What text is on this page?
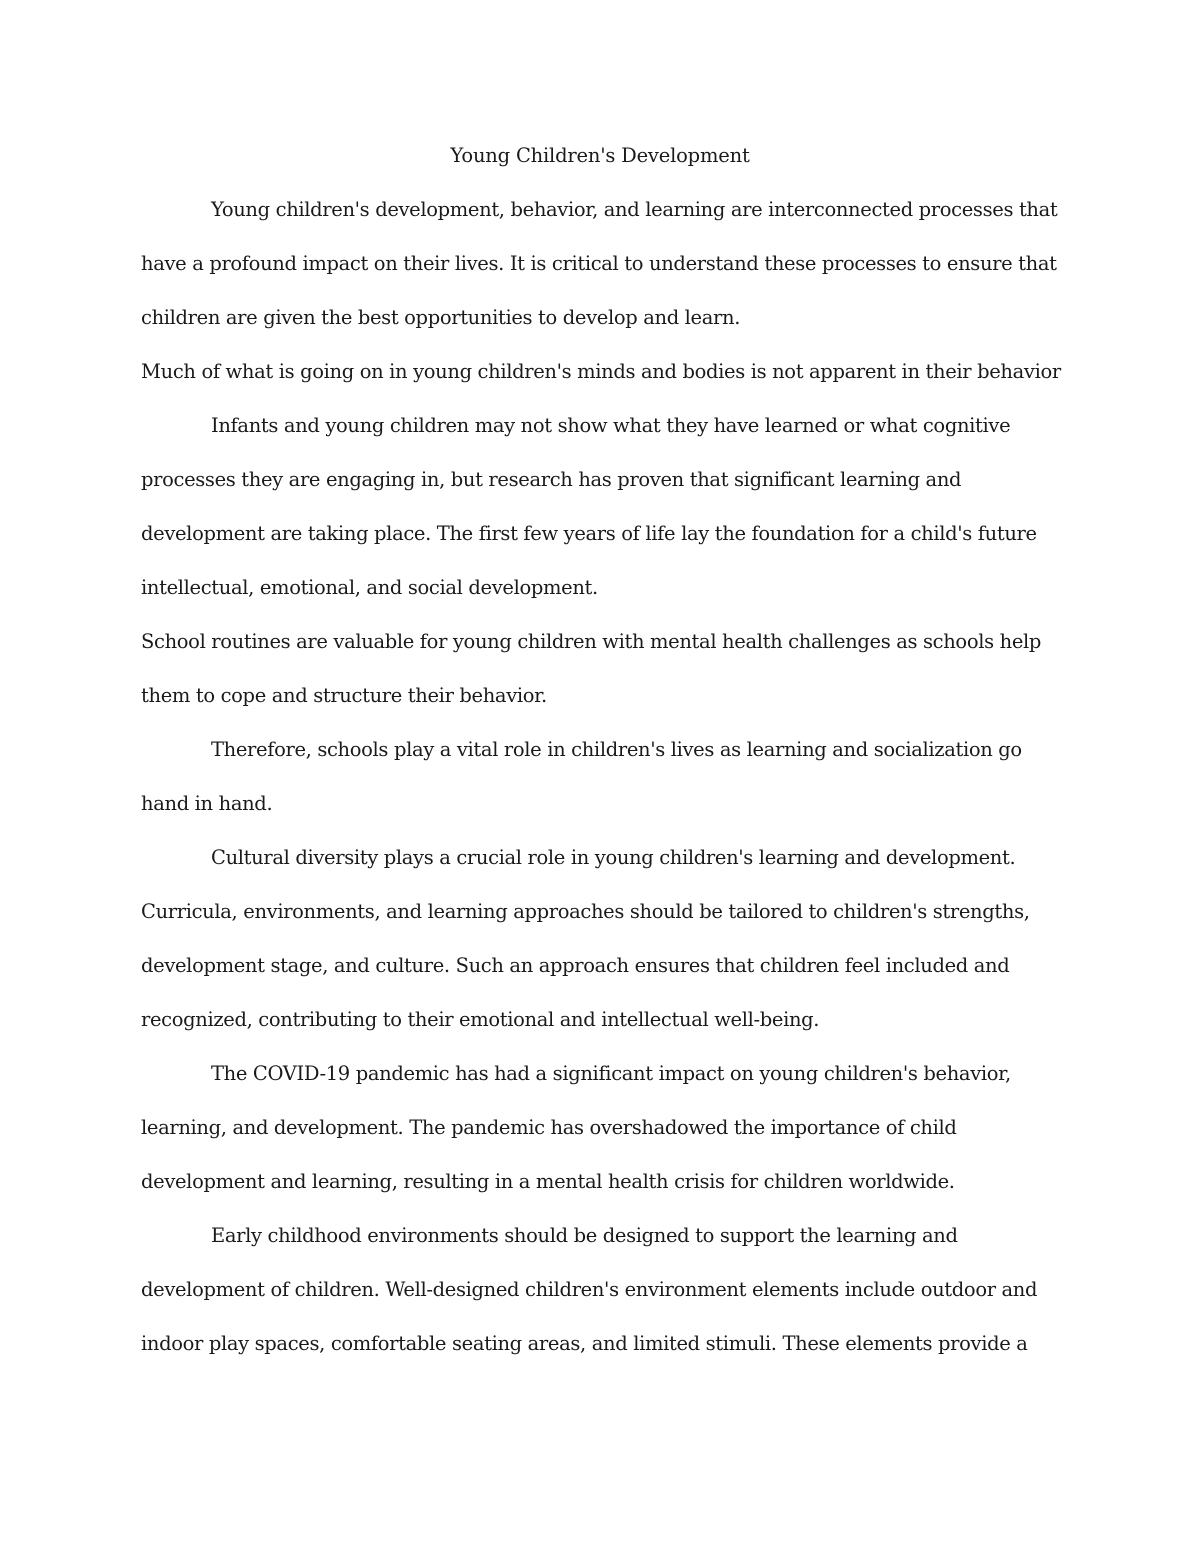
Young Children's Development
Young children's development, behavior, and learning are interconnected processes that
have a profound impact on their lives. It is critical to understand these processes to ensure that
children are given the best opportunities to develop and learn.
Much of what is going on in young children's minds and bodies is not apparent in their behavior
Infants and young children may not show what they have learned or what cognitive
processes they are engaging in, but research has proven that significant learning and
development are taking place. The first few years of life lay the foundation for a child's future
intellectual, emotional, and social development.
School routines are valuable for young children with mental health challenges as schools help
them to cope and structure their behavior.
Therefore, schools play a vital role in children's lives as learning and socialization go
hand in hand.
Cultural diversity plays a crucial role in young children's learning and development.
Curricula, environments, and learning approaches should be tailored to children's strengths,
development stage, and culture. Such an approach ensures that children feel included and
recognized, contributing to their emotional and intellectual well-being.
The COVID-19 pandemic has had a significant impact on young children's behavior,
learning, and development. The pandemic has overshadowed the importance of child
development and learning, resulting in a mental health crisis for children worldwide.
Early childhood environments should be designed to support the learning and
development of children. Well-designed children's environment elements include outdoor and
indoor play spaces, comfortable seating areas, and limited stimuli. These elements provide a
